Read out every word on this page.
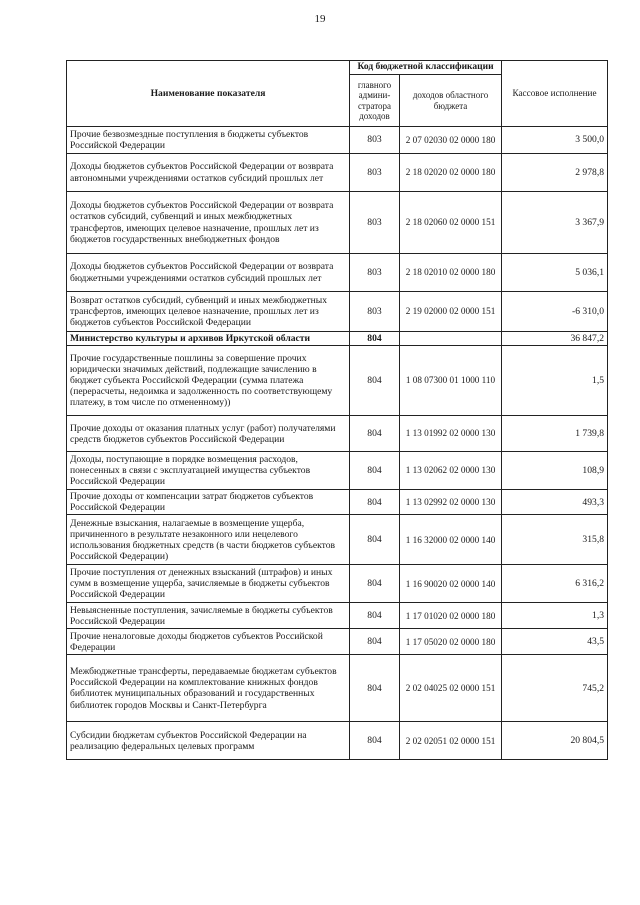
19
Наименование показателя	Код бюджетной классификации		Кассовое исполнение
	главного админи-стратора доходов	доходов областного бюджета	
Прочие безвозмездные поступления в бюджеты субъектов Российской Федерации	803	2 07 02030 02 0000 180	3 500,0
Доходы бюджетов субъектов Российской Федерации от возврата автономными учреждениями остатков субсидий прошлых лет	803	2 18 02020 02 0000 180	2 978,8
Доходы бюджетов субъектов Российской Федерации от возврата остатков субсидий, субвенций и иных межбюджетных трансфертов, имеющих целевое назначение, прошлых лет из бюджетов государственных внебюджетных фондов	803	2 18 02060 02 0000 151	3 367,9
Доходы бюджетов субъектов Российской Федерации от возврата бюджетными учреждениями остатков субсидий прошлых лет	803	2 18 02010 02 0000 180	5 036,1
Возврат остатков субсидий, субвенций и иных межбюджетных трансфертов, имеющих целевое назначение, прошлых лет из бюджетов субъектов Российской Федерации	803	2 19 02000 02 0000 151	-6 310,0
Министерство культуры и архивов Иркутской области	804		36 847,2
Прочие государственные пошлины за совершение прочих юридически значимых действий, подлежащие зачислению в бюджет субъекта Российской Федерации (сумма платежа (перерасчеты, недоимка и задолженность по соответствующему платежу, в том числе по отмененному))	804	1 08 07300 01 1000 110	1,5
Прочие доходы от оказания платных услуг (работ) получателями средств бюджетов субъектов Российской Федерации	804	1 13 01992 02 0000 130	1 739,8
Доходы, поступающие в порядке возмещения расходов, понесенных в связи с эксплуатацией имущества субъектов Российской Федерации	804	1 13 02062 02 0000 130	108,9
Прочие доходы от компенсации затрат бюджетов субъектов Российской Федерации	804	1 13 02992 02 0000 130	493,3
Денежные взыскания, налагаемые в возмещение ущерба, причиненного в результате незаконного или нецелевого использования бюджетных средств (в части бюджетов субъектов Российской Федерации)	804	1 16 32000 02 0000 140	315,8
Прочие поступления от денежных взысканий (штрафов) и иных сумм в возмещение ущерба, зачисляемые в бюджеты субъектов Российской Федерации	804	1 16 90020 02 0000 140	6 316,2
Невыясненные поступления, зачисляемые в бюджеты субъектов Российской Федерации	804	1 17 01020 02 0000 180	1,3
Прочие неналоговые доходы бюджетов субъектов Российской Федерации	804	1 17 05020 02 0000 180	43,5
Межбюджетные трансферты, передаваемые бюджетам субъектов Российской Федерации на комплектование книжных фондов библиотек муниципальных образований и государственных библиотек городов Москвы и Санкт-Петербурга	804	2 02 04025 02 0000 151	745,2
Субсидии бюджетам субъектов Российской Федерации на реализацию федеральных целевых программ	804	2 02 02051 02 0000 151	20 804,5
